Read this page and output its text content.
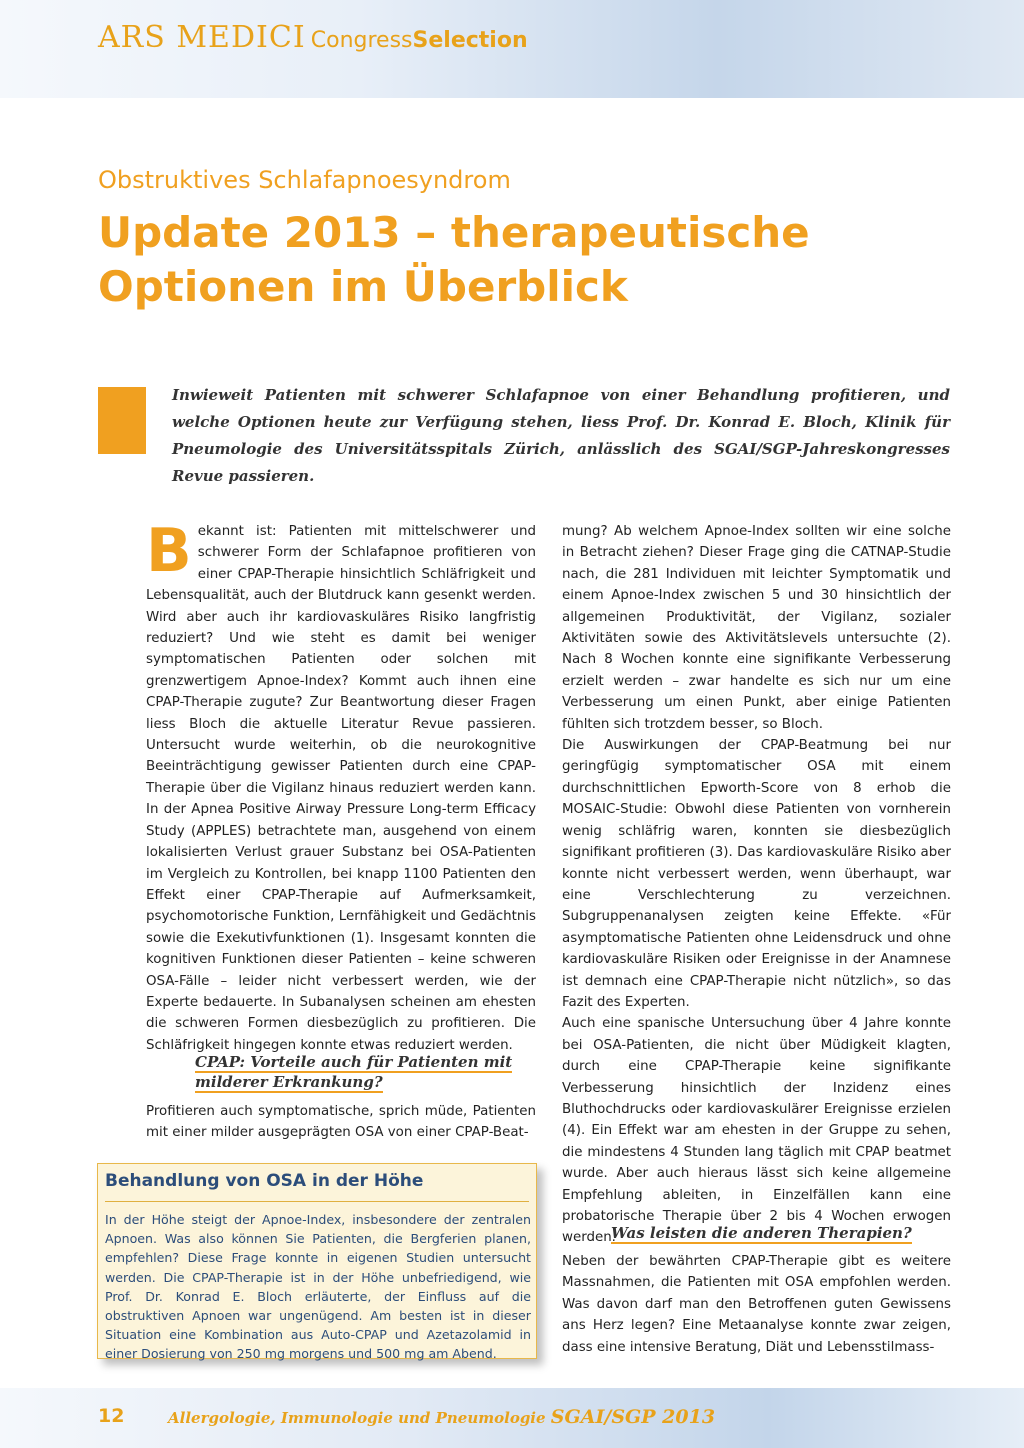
ARS MEDICI CongressSelection
Obstruktives Schlafapnoesyndrom
Update 2013 – therapeutische Optionen im Überblick
Inwieweit Patienten mit schwerer Schlafapnoe von einer Behandlung profitieren, und welche Optionen heute zur Verfügung stehen, liess Prof. Dr. Konrad E. Bloch, Klinik für Pneumologie des Universitätsspitals Zürich, anlässlich des SGAI/SGP-Jahreskongresses Revue passieren.
B ekannt ist: Patienten mit mittelschwerer und schwerer Form der Schlafapnoe profitieren von einer CPAP-Therapie hinsichtlich Schläfrigkeit und Lebensqualität, auch der Blutdruck kann gesenkt werden. Wird aber auch ihr kardiovaskuläres Risiko langfristig reduziert? Und wie steht es damit bei weniger symptomatischen Patienten oder solchen mit grenzwertigem Apnoe-Index? Kommt auch ihnen eine CPAP-Therapie zugute? Zur Beantwortung dieser Fragen liess Bloch die aktuelle Literatur Revue passieren. Untersucht wurde weiterhin, ob die neurokognitive Beeinträchtigung gewisser Patienten durch eine CPAP-Therapie über die Vigilanz hinaus reduziert werden kann. In der Apnea Positive Airway Pressure Long-term Efficacy Study (APPLES) betrachtete man, ausgehend von einem lokalisierten Verlust grauer Substanz bei OSA-Patienten im Vergleich zu Kontrollen, bei knapp 1100 Patienten den Effekt einer CPAP-Therapie auf Aufmerksamkeit, psychomotorische Funktion, Lernfähigkeit und Gedächtnis sowie die Exekutivfunktionen (1). Insgesamt konnten die kognitiven Funktionen dieser Patienten – keine schweren OSA-Fälle – leider nicht verbessert werden, wie der Experte bedauerte. In Subanalysen scheinen am ehesten die schweren Formen diesbezüglich zu profitieren. Die Schläfrigkeit hingegen konnte etwas reduziert werden.

CPAP: Vorteile auch für Patienten mit milderer Erkrankung?

Profitieren auch symptomatische, sprich müde, Patienten mit einer milder ausgeprägten OSA von einer CPAP-Beat-

mung? Ab welchem Apnoe-Index sollten wir eine solche in Betracht ziehen? Dieser Frage ging die CATNAP-Studie nach, die 281 Individuen mit leichter Symptomatik und einem Apnoe-Index zwischen 5 und 30 hinsichtlich der allgemeinen Produktivität, der Vigilanz, sozialer Aktivitäten sowie des Aktivitätslevels untersuchte (2). Nach 8 Wochen konnte eine signifikante Verbesserung erzielt werden – zwar handelte es sich nur um eine Verbesserung um einen Punkt, aber einige Patienten fühlten sich trotzdem besser, so Bloch.

Die Auswirkungen der CPAP-Beatmung bei nur geringfügig symptomatischer OSA mit einem durchschnittlichen Epworth-Score von 8 erhob die MOSAIC-Studie: Obwohl diese Patienten von vornherein wenig schläfrig waren, konnten sie diesbezüglich signifikant profitieren (3). Das kardiovaskuläre Risiko aber konnte nicht verbessert werden, wenn überhaupt, war eine Verschlechterung zu verzeichnen. Subgruppenanalysen zeigten keine Effekte. «Für asymptomatische Patienten ohne Leidensdruck und ohne kardiovaskuläre Risiken oder Ereignisse in der Anamnese ist demnach eine CPAP-Therapie nicht nützlich», so das Fazit des Experten.

Auch eine spanische Untersuchung über 4 Jahre konnte bei OSA-Patienten, die nicht über Müdigkeit klagten, durch eine CPAP-Therapie keine signifikante Verbesserung hinsichtlich der Inzidenz eines Bluthochdrucks oder kardiovaskulärer Ereignisse erzielen (4). Ein Effekt war am ehesten in der Gruppe zu sehen, die mindestens 4 Stunden lang täglich mit CPAP beatmet wurde. Aber auch hieraus lässt sich keine allgemeine Empfehlung ableiten, in Einzelfällen kann eine probatorische Therapie über 2 bis 4 Wochen erwogen werden.

Was leisten die anderen Therapien?

Neben der bewährten CPAP-Therapie gibt es weitere Massnahmen, die Patienten mit OSA empfohlen werden. Was davon darf man den Betroffenen guten Gewissens ans Herz legen? Eine Metaanalyse konnte zwar zeigen, dass eine intensive Beratung, Diät und Lebensstilmass-

Behandlung von OSA in der Höhe
In der Höhe steigt der Apnoe-Index, insbesondere der zentralen Apnoen. Was also können Sie Patienten, die Bergferien planen, empfehlen? Diese Frage konnte in eigenen Studien untersucht werden. Die CPAP-Therapie ist in der Höhe unbefriedigend, wie Prof. Dr. Konrad E. Bloch erläuterte, der Einfluss auf die obstruktiven Apnoen war ungenügend. Am besten ist in dieser Situation eine Kombination aus Auto-CPAP und Azetazolamid in einer Dosierung von 250 mg morgens und 500 mg am Abend.
12	Allergologie, Immunologie und Pneumologie SGAI/SGP 2013
